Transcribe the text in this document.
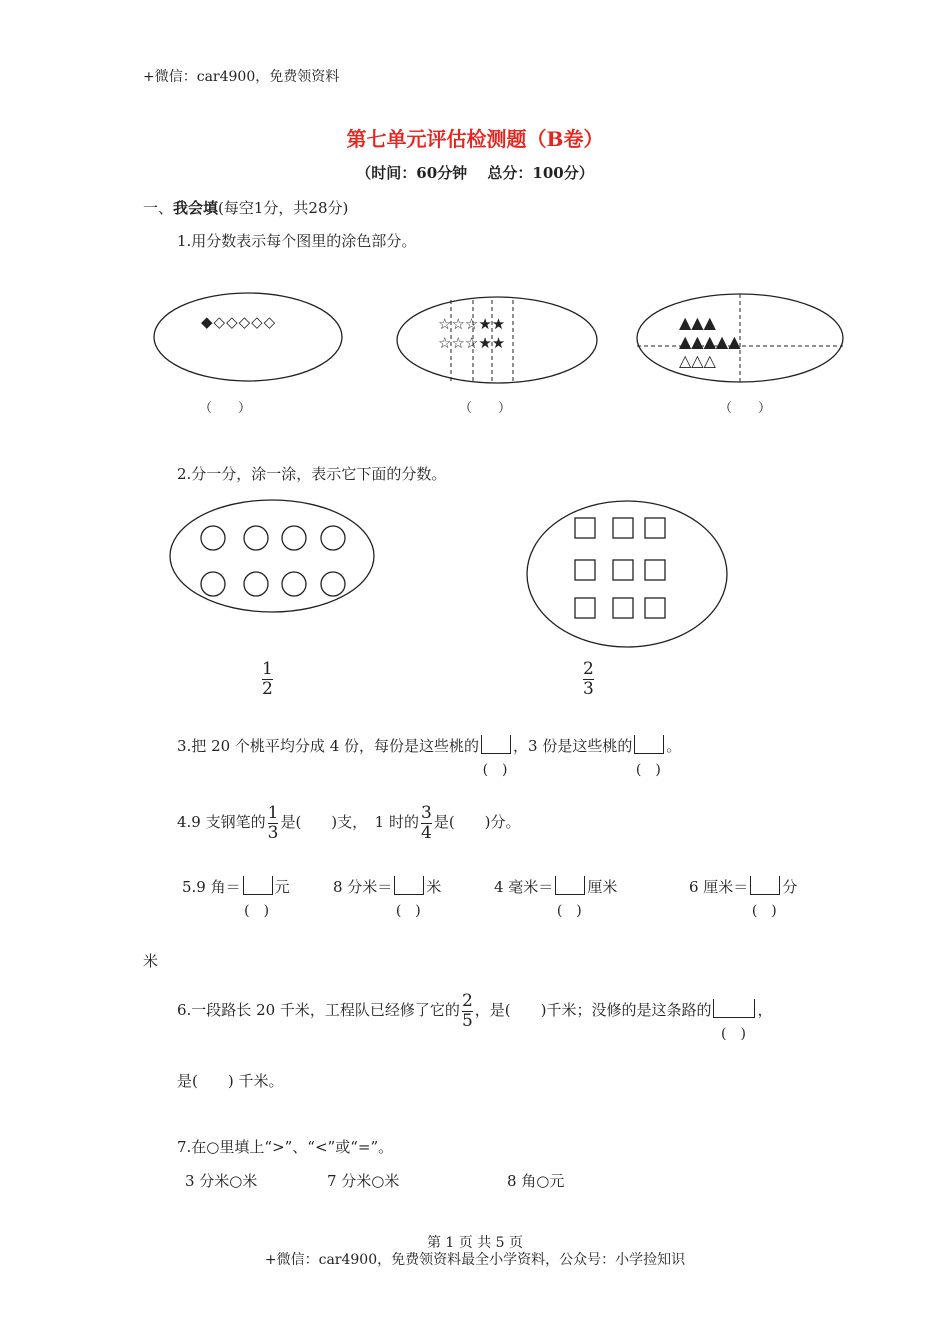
+微信：car4900，免费领资料
第七单元评估检测题（B卷）
（时间：60分钟　 总分：100分）
一、我会填(每空1分，共28分)
1.用分数表示每个图里的涂色部分。
◆◇◇◇◇◇	☆☆☆★★
☆☆☆★★
▲▲▲
▲▲▲▲▲
△△△
（　　）	（　　）	（　　）
2.分一分，涂一涂，表示它下面的分数。
$\frac{1}{2}$	$\frac{2}{3}$
3.把 20 个桃平均分成 4 份，每份是这些桃的
(　)
，3 份是这些桃的
(　)
。
4.9 支钢笔的 $\frac{1}{3}$ 是(　　)支，　1 时的 $\frac{3}{4}$ 是(　　)分。
5.9 角＝
(　)
元	8 分米＝
(　)
米	4 毫米＝
(　)
厘米	6 厘米＝
(　)
分
米
6.一段路长 20 千米，工程队已经修了它的 $\frac{2}{5}$ ，是(　　)千米；没修的是这条路的
(　)
，
是(　　) 千米。
7.在○里填上“>”、“<”或“=”。
3 分米○米	7 分米○米	8 角○元
第 1 页 共 5 页
+微信：car4900，免费领资料最全小学资料，公众号：小学捡知识
